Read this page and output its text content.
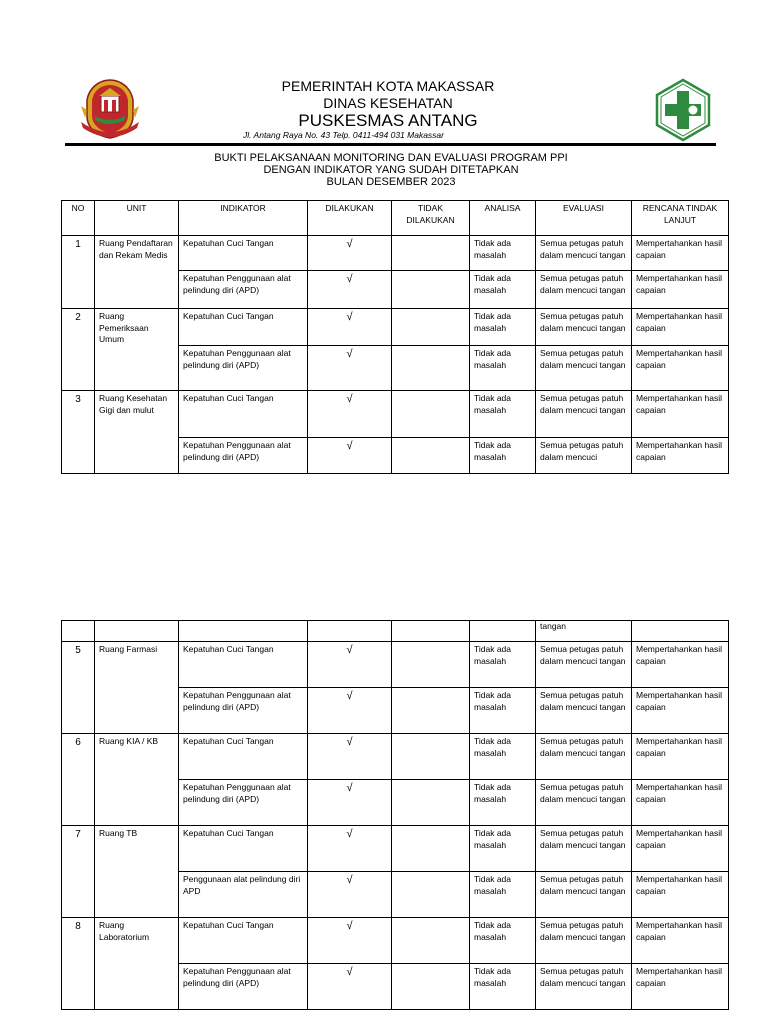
PEMERINTAH KOTA MAKASSAR
DINAS KESEHATAN
PUSKESMAS ANTANG
Jl. Antang Raya No. 43 Telp. 0411-494 031 Makassar
BUKTI PELAKSANAAN MONITORING DAN EVALUASI PROGRAM PPI
DENGAN INDIKATOR YANG SUDAH DITETAPKAN
BULAN DESEMBER 2023
NO	UNIT	INDIKATOR	DILAKUKAN	TIDAK DILAKUKAN	ANALISA	EVALUASI	RENCANA TINDAK LANJUT
1	Ruang Pendaftaran dan Rekam Medis	Kepatuhan Cuci Tangan	√		Tidak ada masalah	Semua petugas patuh dalam mencuci tangan	Mempertahankan hasil capaian
		Kepatuhan Penggunaan alat pelindung diri (APD)	√		Tidak ada masalah	Semua petugas patuh dalam mencuci tangan	Mempertahankan hasil capaian
2	Ruang Pemeriksaan Umum	Kepatuhan Cuci Tangan	√		Tidak ada masalah	Semua petugas patuh dalam mencuci tangan	Mempertahankan hasil capaian
		Kepatuhan Penggunaan alat pelindung diri (APD)	√		Tidak ada masalah	Semua petugas patuh dalam mencuci tangan	Mempertahankan hasil capaian
3	Ruang Kesehatan Gigi dan mulut	Kepatuhan Cuci Tangan	√		Tidak ada masalah	Semua petugas patuh dalam mencuci tangan	Mempertahankan hasil capaian
		Kepatuhan Penggunaan alat pelindung diri (APD)	√		Tidak ada masalah	Semua petugas patuh dalam mencuci	Mempertahankan hasil capaian
						tangan	
5	Ruang Farmasi	Kepatuhan Cuci Tangan	√		Tidak ada masalah	Semua petugas patuh dalam mencuci tangan	Mempertahankan hasil capaian
		Kepatuhan Penggunaan alat pelindung diri (APD)	√		Tidak ada masalah	Semua petugas patuh dalam mencuci tangan	Mempertahankan hasil capaian
6	Ruang KIA / KB	Kepatuhan Cuci Tangan	√		Tidak ada masalah	Semua petugas patuh dalam mencuci tangan	Mempertahankan hasil capaian
		Kepatuhan Penggunaan alat pelindung diri (APD)	√		Tidak ada masalah	Semua petugas patuh dalam mencuci tangan	Mempertahankan hasil capaian
7	Ruang TB	Kepatuhan Cuci Tangan	√		Tidak ada masalah	Semua petugas patuh dalam mencuci tangan	Mempertahankan hasil capaian
		Penggunaan alat pelindung diri APD	√		Tidak ada masalah	Semua petugas patuh dalam mencuci tangan	Mempertahankan hasil capaian
8	Ruang Laboratorium	Kepatuhan Cuci Tangan	√		Tidak ada masalah	Semua petugas patuh dalam mencuci tangan	Mempertahankan hasil capaian
		Kepatuhan Penggunaan alat pelindung diri (APD)	√		Tidak ada masalah	Semua petugas patuh dalam mencuci tangan	Mempertahankan hasil capaian
